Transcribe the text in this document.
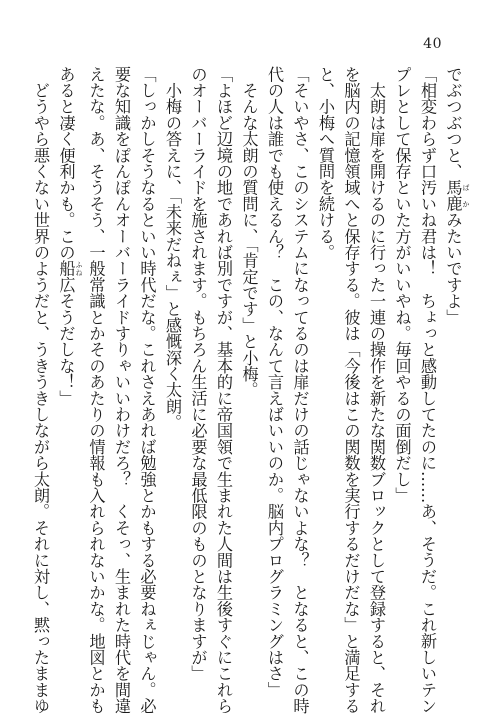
40
でぶつぶつと、馬鹿 ばかみたいですよ」
「相変わらず口汚いね君は！　ちょっと感動してたのに……あ、そうだ。これ新しいテン
プレとして保存といた方がいいやね。毎回やるの面倒だし」
　太朗は扉を開けるのに行った一連の操作を新たな関数ブロックとして登録すると、それ
を脳内の記憶領域へと保存する。彼は「今後はこの関数を実行するだけだな」と満足する
と、小梅へ質問を続ける。
「そいやさ、このシステムになってるのは扉だけの話じゃないよな？　となると、この時
代の人は誰でも使えるん？　この、なんて言えばいいのか。脳内プログラミングはさ」
　そんな太朗の質問に、「肯定です」と小梅。
「よほど辺境の地であれば別ですが、基本的に帝国領で生まれた人間は生後すぐにこれら
のオーバーライドを施されます。もちろん生活に必要な最低限のものとなりますが」
　小梅の答えに、「未来だねぇ」と感慨深く太朗。
「しっかしそうなるといい時代だな。これさえあれば勉強とかもする必要ねぇじゃん。必
要な知識をぽんぽんオーバーライドすりゃいいわけだろ？　くそっ、生まれた時代を間違
えたな。あ、そうそう、一般常識とかそのあたりの情報も入れられないかな。地図とかも
あると凄く便利かも。この船 ふね広そうだしな！」
　どうやら悪くない世界のようだと、うきうきしながら太朗。それに対し、黙ったままゆ
